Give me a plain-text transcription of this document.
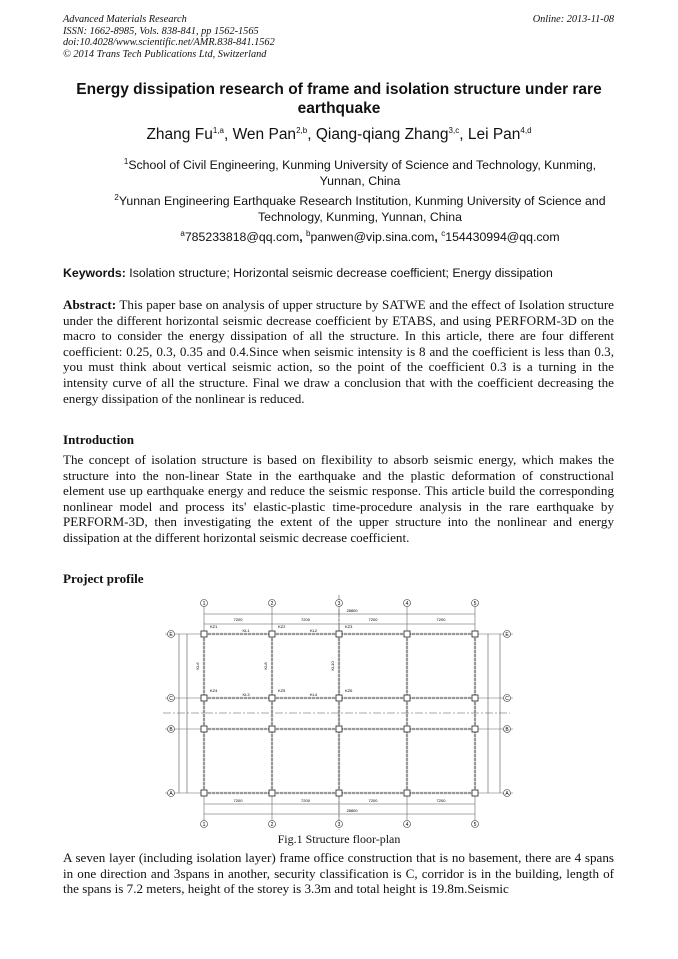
Advanced Materials Research
ISSN: 1662-8985, Vols. 838-841, pp 1562-1565
doi:10.4028/www.scientific.net/AMR.838-841.1562
© 2014 Trans Tech Publications Ltd, Switzerland
Online: 2013-11-08
Energy dissipation research of frame and isolation structure under rare earthquake
Zhang Fu$^{1,a}$, Wen Pan$^{2,b}$, Qiang-qiang Zhang$^{3,c}$, Lei Pan$^{4,d}$
$^1$School of Civil Engineering, Kunming University of Science and Technology, Kunming, Yunnan, China
$^2$Yunnan Engineering Earthquake Research Institution, Kunming University of Science and Technology, Kunming, Yunnan, China
$^a$785233818@qq.com, $^b$panwen@vip.sina.com, $^c$154430994@qq.com
Keywords: Isolation structure; Horizontal seismic decrease coefficient; Energy dissipation
Abstract: This paper base on analysis of upper structure by SATWE and the effect of Isolation structure under the different horizontal seismic decrease coefficient by ETABS, and using PERFORM-3D on the macro to consider the energy dissipation of all the structure. In this article, there are four different coefficient: 0.25, 0.3, 0.35 and 0.4.Since when seismic intensity is 8 and the coefficient is less than 0.3, you must think about vertical seismic action, so the point of the coefficient 0.3 is a turning in the intensity curve of all the structure. Final we draw a conclusion that with the coefficient decreasing the energy dissipation of the nonlinear is reduced.
Introduction
The concept of isolation structure is based on flexibility to absorb seismic energy, which makes the structure into the non-linear State in the earthquake and the plastic deformation of constructional element use up earthquake energy and reduce the seismic response. This article build the corresponding nonlinear model and process its' elastic-plastic time-procedure analysis in the rare earthquake by PERFORM-3D, then investigating the extent of the upper structure into the nonlinear and energy dissipation at the different horizontal seismic decrease coefficient.
Project profile
1
1
2
2
3
3
4
4
5
5
E	E
C	C
B	B
A	A
7200
7200
7200
7200
7200
7200
7200
7200
KZ1	KZ2	KZ3
KZ4	KZ5	KZ6
KL1	KL2
KL3	KL4
KL6	KL8	KL10
28800
28800
Fig.1 Structure floor-plan
A seven layer (including isolation layer) frame office construction that is no basement, there are 4 spans in one direction and 3spans in another, security classification is C, corridor is in the building, length of the spans is 7.2 meters, height of the storey is 3.3m and total height is 19.8m.Seismic
